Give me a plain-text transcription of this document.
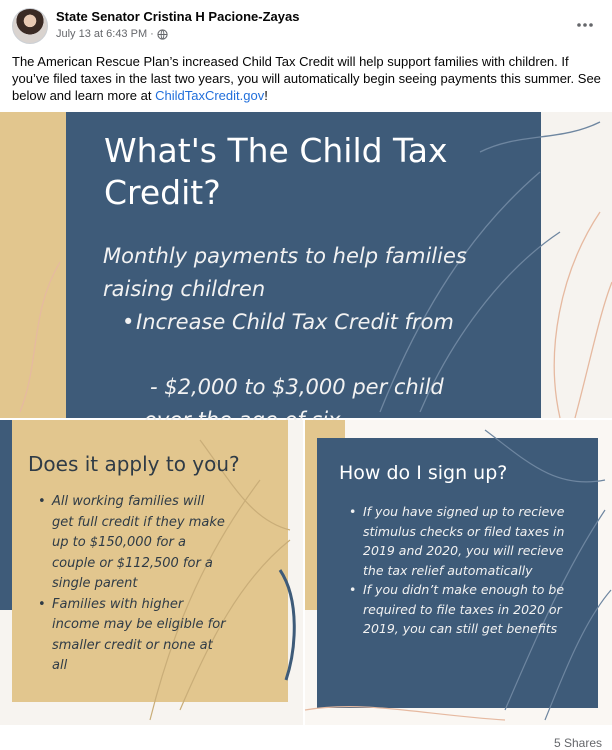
State Senator Cristina H Pacione-Zayas
July 13 at 6:43 PM ·
The American Rescue Plan’s increased Child Tax Credit will help support families with children. If you’ve filed taxes in the last two years, you will automatically begin seeing payments this summer. See below and learn more at ChildTaxCredit.gov!
What's The Child Tax Credit?
Monthly payments to help families raising children
• Increase Child Tax Credit from
- $2,000 to $3,000 per child
Does it apply to you?
• All working families will get full credit if they make up to $150,000 for a couple or $112,500 for a single parent
• Families with higher income may be eligible for smaller credit or none at all
How do I sign up?
• If you have signed up to recieve stimulus checks or filed taxes in 2019 and 2020, you will recieve the tax relief automatically
• If you didn’t make enough to be required to file taxes in 2020 or 2019, you can still get benefits
5 Shares
